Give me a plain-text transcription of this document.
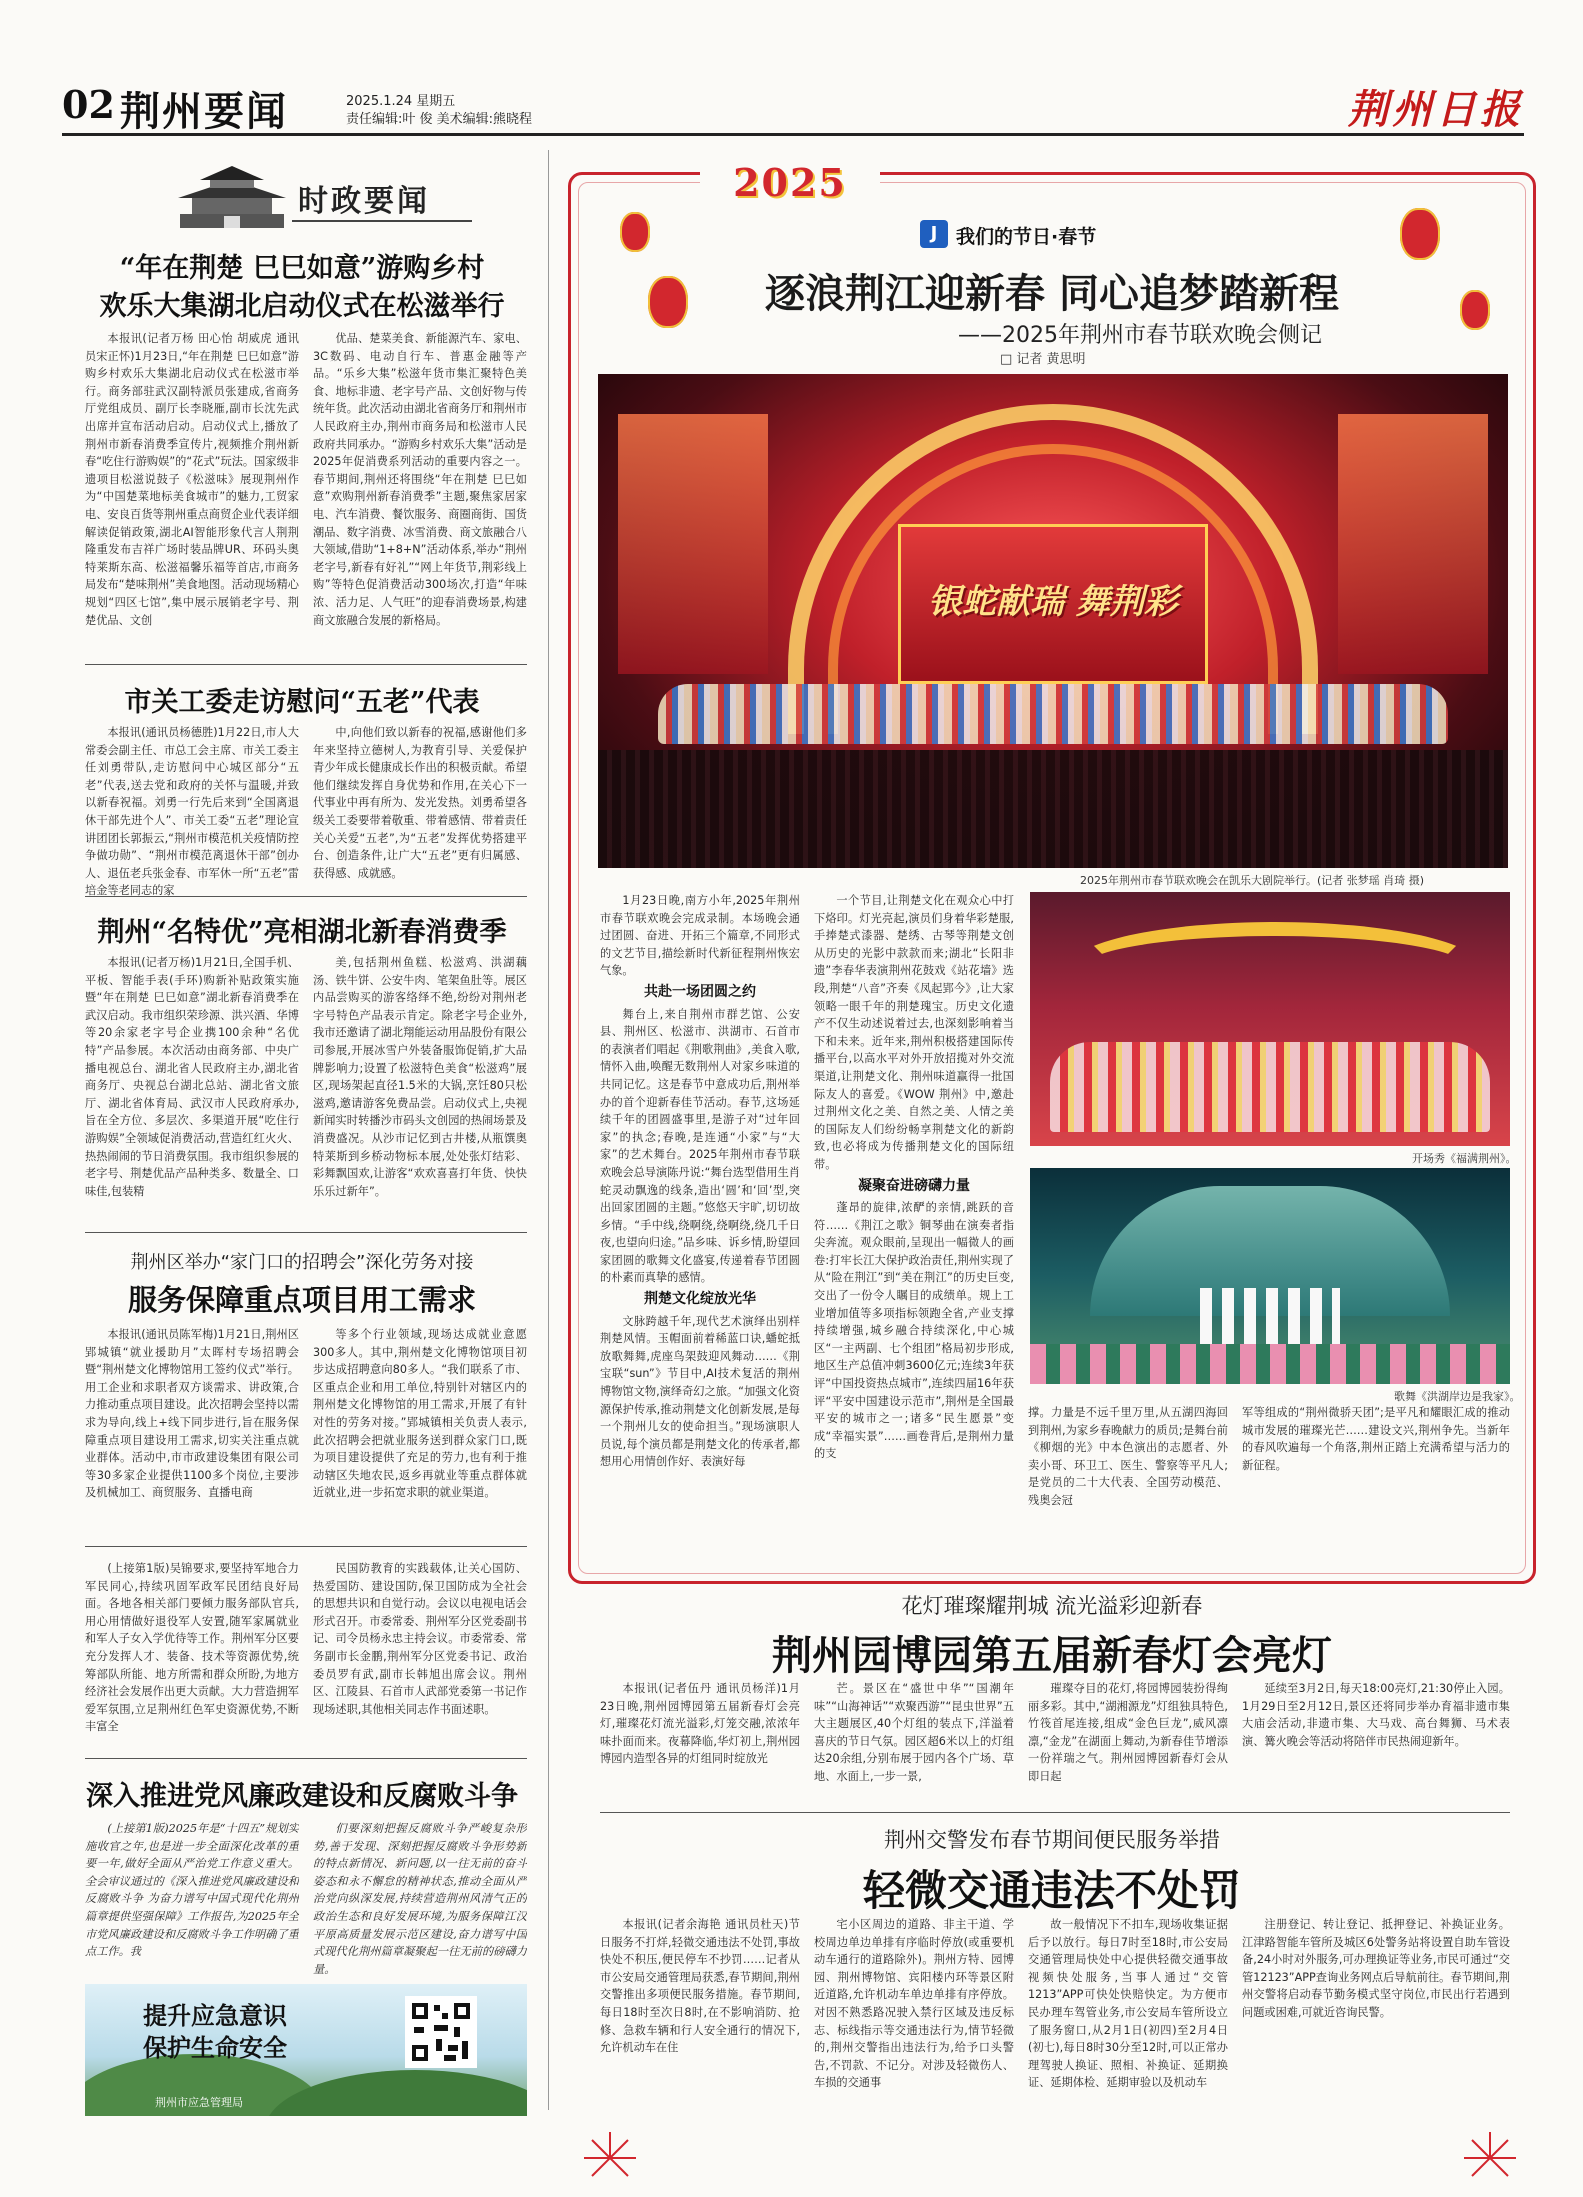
02 荆州要闻	2025.1.24 星期五
责任编辑:叶 俊 美术编辑:熊晓程	荆州日报
时政要闻
“年在荆楚 巳巳如意”游购乡村
欢乐大集湖北启动仪式在松滋举行
本报讯(记者万杨 田心怡 胡威虎 通讯员宋正怀)1月23日,“年在荆楚 巳巳如意”游购乡村欢乐大集湖北启动仪式在松滋市举行。商务部驻武汉副特派员张建成,省商务厅党组成员、副厅长李晓雁,副市长沈先武出席并宣布活动启动。启动仪式上,播放了荆州市新春消费季宣传片,视频推介荆州新春“吃住行游购娱”的“花式”玩法。国家级非遗项目松滋说鼓子《松滋味》展现荆州作为“中国楚菜地标美食城市”的魅力,工贸家电、安良百货等荆州重点商贸企业代表详细解读促销政策,湖北AI智能形象代言人荆荆隆重发布吉祥广场时装品牌UR、环码头奥特莱斯东高、松滋福馨乐福等首店,市商务局发布“楚味荆州”美食地图。活动现场精心规划“四区七馆”,集中展示展销老字号、荆楚优品、文创
优品、楚菜美食、新能源汽车、家电、3C数码、电动自行车、普惠金融等产品。“乐乡大集”松滋年货市集汇聚特色美食、地标非遗、老字号产品、文创好物与传统年货。此次活动由湖北省商务厅和荆州市人民政府主办,荆州市商务局和松滋市人民政府共同承办。“游购乡村欢乐大集”活动是2025年促消费系列活动的重要内容之一。春节期间,荆州还将围绕“年在荆楚 巳巳如意”欢购荆州新春消费季”主题,聚焦家居家电、汽车消费、餐饮服务、商圈商街、国货潮品、数字消费、冰雪消费、商文旅融合八大领域,借助“1+8+N”活动体系,举办“荆州老字号,新春有好礼”“网上年货节,荆彩线上购”等特色促消费活动300场次,打造“年味浓、活力足、人气旺”的迎春消费场景,构建商文旅融合发展的新格局。
市关工委走访慰问“五老”代表
本报讯(通讯员杨德胜)1月22日,市人大常委会副主任、市总工会主席、市关工委主任刘勇带队,走访慰问中心城区部分“五老”代表,送去党和政府的关怀与温暖,并致以新春祝福。刘勇一行先后来到“全国离退休干部先进个人”、市关工委“五老”理论宣讲团团长郭振云,“荆州市模范机关疫情防控争做功勋”、“荆州市模范离退休干部”创办人、退伍老兵张金春、市军休一所“五老”雷培金等老同志的家
中,向他们致以新春的祝福,感谢他们多年来坚持立德树人,为教育引导、关爱保护青少年成长健康成长作出的积极贡献。希望他们继续发挥自身优势和作用,在关心下一代事业中再有所为、发光发热。刘勇希望各级关工委要带着敬重、带着感情、带着责任关心关爱“五老”,为“五老”发挥优势搭建平台、创造条件,让广大“五老”更有归属感、获得感、成就感。
荆州“名特优”亮相湖北新春消费季
本报讯(记者万杨)1月21日,全国手机、平板、智能手表(手环)购新补贴政策实施暨“年在荆楚 巳巳如意”湖北新春消费季在武汉启动。我市组织荣珍源、洪兴酒、华博等20余家老字号企业携100余种“名优特”产品参展。本次活动由商务部、中央广播电视总台、湖北省人民政府主办,湖北省商务厅、央视总台湖北总站、湖北省文旅厅、湖北省体育局、武汉市人民政府承办,旨在全方位、多层次、多渠道开展“吃住行游购娱”全领域促消费活动,营造红红火火、热热闹闹的节日消费氛围。我市组织参展的老字号、荆楚优品产品种类多、数量全、口味佳,包装精
美,包括荆州鱼糕、松滋鸡、洪湖藕汤、铁牛饼、公安牛肉、笔架鱼肚等。展区内品尝购买的游客络绎不绝,纷纷对荆州老字号特色产品表示肯定。除老字号企业外,我市还邀请了湖北翔能运动用品股份有限公司参展,开展冰雪户外装备服饰促销,扩大品牌影响力;设置了松滋特色美食“松滋鸡”展区,现场架起直径1.5米的大锅,烹饪80只松滋鸡,邀请游客免费品尝。启动仪式上,央视新闻实时转播沙市码头文创园的热闹场景及消费盛况。从沙市记忆到古井楼,从瓶馔奥特莱斯到乡桥动物标本展,处处张灯结彩、彩舞飘国欢,让游客“欢欢喜喜打年货、快快乐乐过新年”。
荆州区举办“家门口的招聘会”深化劳务对接
服务保障重点项目用工需求
本报讯(通讯员陈军梅)1月21日,荆州区郢城镇“就业援助月”太晖村专场招聘会暨“荆州楚文化博物馆用工签约仪式”举行。用工企业和求职者双方谈需求、讲政策,合力推动重点项目建设。此次招聘会坚持以需求为导向,线上+线下同步进行,旨在服务保障重点项目建设用工需求,切实关注重点就业群体。活动中,市市政建设集团有限公司等30多家企业提供1100多个岗位,主要涉及机械加工、商贸服务、直播电商
等多个行业领域,现场达成就业意愿300多人。其中,荆州楚文化博物馆项目初步达成招聘意向80多人。“我们联系了市、区重点企业和用工单位,特别针对辖区内的荆州楚文化博物馆的用工需求,开展了有针对性的劳务对接。”郢城镇相关负责人表示,此次招聘会把就业服务送到群众家门口,既为项目建设提供了充足的劳力,也有利于推动辖区失地农民,返乡再就业等重点群体就近就业,进一步拓宽求职的就业渠道。
(上接第1版)吴锦要求,要坚持军地合力军民同心,持续巩固军政军民团结良好局面。各地各相关部门要倾力服务部队官兵,用心用情做好退役军人安置,随军家属就业和军人子女入学优待等工作。荆州军分区要充分发挥人才、装备、技术等资源优势,统筹部队所能、地方所需和群众所盼,为地方经济社会发展作出更大贡献。大力营造拥军爱军氛围,立足荆州红色军史资源优势,不断丰富全
民国防教育的实践载体,让关心国防、热爱国防、建设国防,保卫国防成为全社会的思想共识和自觉行动。会议以电视电话会形式召开。市委常委、荆州军分区党委副书记、司令员杨永忠主持会议。市委常委、常务副市长金鹏,荆州军分区党委书记、政治委员罗有武,副市长韩旭出席会议。荆州区、江陵县、石首市人武部党委第一书记作现场述职,其他相关同志作书面述职。
深入推进党风廉政建设和反腐败斗争
(上接第1版)2025年是“十四五”规划实施收官之年,也是进一步全面深化改革的重要一年,做好全面从严治党工作意义重大。全会审议通过的《深入推进党风廉政建设和反腐败斗争 为奋力谱写中国式现代化荆州篇章提供坚强保障》工作报告,为2025年全市党风廉政建设和反腐败斗争工作明确了重点工作。我
们要深刻把握反腐败斗争严峻复杂形势,善于发现、深刻把握反腐败斗争形势新的特点新情况、新问题,以一往无前的奋斗姿态和永不懈怠的精神状态,推动全面从严治党向纵深发展,持续营造荆州风清气正的政治生态和良好发展环境,为服务保障江汉平原高质量发展示范区建设,奋力谱写中国式现代化荆州篇章凝聚起一往无前的磅礴力量。
提升应急意识
保护生命安全
荆州市应急管理局
2025
J 我们的节日·春节
逐浪荆江迎新春 同心追梦踏新程
——2025年荆州市春节联欢晚会侧记
□ 记者 黄思明
银蛇献瑞 舞荆彩
2025年荆州市春节联欢晚会在凯乐大剧院举行。(记者 张梦瑶 肖琦 摄)

1月23日晚,南方小年,2025年荆州市春节联欢晚会完成录制。本场晚会通过团圆、奋进、开拓三个篇章,不同形式的文艺节目,描绘新时代新征程荆州恢宏气象。

共赴一场团圆之约

舞台上,来自荆州市群艺馆、公安县、荆州区、松滋市、洪湖市、石首市的表演者们唱起《荆歌荆曲》,美食入歌,情怀入曲,唤醒无数荆州人对家乡味道的共同记忆。这是春节中意成功后,荆州举办的首个迎新春佳节活动。春节,这场延续千年的团圆盛事里,是游子对“过年回家”的执念;春晚,是连通“小家”与“大家”的艺术舞台。2025年荆州市春节联欢晚会总导演陈丹说:“舞台选型借用生肖蛇灵动飘逸的线条,造出‘圆’和‘回’型,突出回家团圆的主题。”悠悠天宇旷,切切故乡情。“手中线,绕啊绕,绕啊绕,绕几千日夜,也望向归途。”品乡味、诉乡情,盼望回家团圆的歌舞文化盛宴,传递着春节团圆的朴素而真挚的感情。

荆楚文化绽放光华

文脉跨越千年,现代艺术演绎出别样荆楚风情。玉帽面前着稀蓝口诀,蟠蛇抵放歌舞舞,虎座鸟架鼓迎风舞动……《荆宝联“sun”》节目中,AI技术复活的荆州博物馆文物,演绎奇幻之旅。“加强文化资源保护传承,推动荆楚文化创新发展,是每一个荆州儿女的使命担当。”现场演职人员说,每个演员都是荆楚文化的传承者,都想用心用情创作好、表演好每

一个节目,让荆楚文化在观众心中打下烙印。灯光亮起,演员们身着华彩楚服,手捧楚式漆器、楚绣、古琴等荆楚文创从历史的光影中款款而来;湖北“长阳非遗”李春华表演荆州花鼓戏《站花墙》选段,荆楚“八音”齐奏《凤起郢今》,让大家领略一眼千年的荆楚瑰宝。历史文化遗产不仅生动述说着过去,也深刻影响着当下和未来。近年来,荆州积极搭建国际传播平台,以高水平对外开放招揽对外交流渠道,让荆楚文化、荆州味道赢得一批国际友人的喜爱。《WOW 荆州》中,邀赴过荆州文化之美、自然之美、人情之美的国际友人们纷纷畅享荆楚文化的新韵致,也必将成为传播荆楚文化的国际纽带。

凝聚奋进磅礴力量

蓬昂的旋律,浓酽的亲情,跳跃的音符……《荆江之歌》铜琴曲在演奏者指尖奔流。观众眼前,呈现出一幅微人的画卷:打牢长江大保护政治责任,荆州实现了从“险在荆江”到“美在荆江”的历史巨变,交出了一份令人瞩目的成绩单。规上工业增加值等多项指标领跑全省,产业支撑持续增强,城乡融合持续深化,中心城区“一主两副、七个组团”格局初步形成,地区生产总值冲刺3600亿元;连续3年获评“中国投资热点城市”,连续四届16年获评“平安中国建设示范市”,荆州是全国最平安的城市之一;诸多“民生愿景”变成“幸福实景”……画卷背后,是荆州力量的支

撑。力量是不远千里万里,从五湖四海回到荆州,为家乡春晚献力的质员;是舞台前《柳烟的光》中本色演出的志愿者、外卖小哥、环卫工、医生、警察等平凡人;是党员的二十大代表、全国劳动模范、残奥会冠
军等组成的“荆州微骄天团”;是平凡和耀眼汇成的推动城市发展的璀璨光芒……建设文兴,荆州争先。当新年的春风吹遍每一个角落,荆州正踏上充满希望与活力的新征程。
开场秀《福满荆州》。
歌舞《洪湖岸边是我家》。
花灯璀璨耀荆城 流光溢彩迎新春
荆州园博园第五届新春灯会亮灯
本报讯(记者伍丹 通讯员杨洋)1月23日晚,荆州园博园第五届新春灯会亮灯,璀璨花灯流光溢彩,灯笼交融,浓浓年味扑面而来。夜幕降临,华灯初上,荆州园博园内造型各异的灯组同时绽放光
芒。景区在“盛世中华”“国潮年味”“山海神话”“欢聚西游”“昆虫世界”五大主题展区,40个灯组的装点下,洋溢着喜庆的节日气氛。园区超6米以上的灯组达20余组,分别布展于园内各个广场、草地、水面上,一步一景,
璀璨夺目的花灯,将园博园装扮得绚丽多彩。其中,“湖湘源龙”灯组独具特色,竹筏首尾连接,组成“金色巨龙”,威风凛凛,“金龙”在湖面上舞动,为新春佳节增添一份祥瑞之气。荆州园博园新春灯会从即日起
延续至3月2日,每天18:00亮灯,21:30停止入园。1月29日至2月12日,景区还将同步举办育福非遗市集大庙会活动,非遗市集、大马戏、高台舞狮、马术表演、篝火晚会等活动将陪伴市民热闹迎新年。
荆州交警发布春节期间便民服务举措
轻微交通违法不处罚
本报讯(记者余海艳 通讯员杜天)节日服务不打烊,轻微交通违法不处罚,事故快处不积压,便民停车不抄罚……记者从市公安局交通管理局获悉,春节期间,荆州交警推出多项便民服务措施。春节期间,每日18时至次日8时,在不影响消防、抢修、急救车辆和行人安全通行的情况下,允许机动车在住
宅小区周边的道路、非主干道、学校周边单边单排有序临时停放(或重要机动车通行的道路除外)。荆州方特、园博园、荆州博物馆、宾阳楼内环等景区附近道路,允许机动车单边单排有序停放。对因不熟悉路况驶入禁行区域及违反标志、标线指示等交通违法行为,情节轻微的,荆州交警指出违法行为,给予口头警告,不罚款、不记分。对涉及轻微伤人、车损的交通事
故一般情况下不扣车,现场收集证据后予以放行。每日7时至18时,市公安局交通管理局快处中心提供轻微交通事故视频快处服务,当事人通过“交管1213”APP可快处快赔快定。为方便市民办理车驾管业务,市公安局车管所设立了服务窗口,从2月1日(初四)至2月4日(初七),每日8时30分至12时,可以正常办理驾驶人换证、照相、补换证、延期换证、延期体检、延期审验以及机动车
注册登记、转让登记、抵押登记、补换证业务。江津路智能车管所及城区6处警务站将设置自助车管设备,24小时对外服务,可办理换证等业务,市民可通过“交管12123”APP查询业务网点后导航前往。春节期间,荆州交警将启动春节勤务模式坚守岗位,市民出行若遇到问题或困难,可就近咨询民警。
